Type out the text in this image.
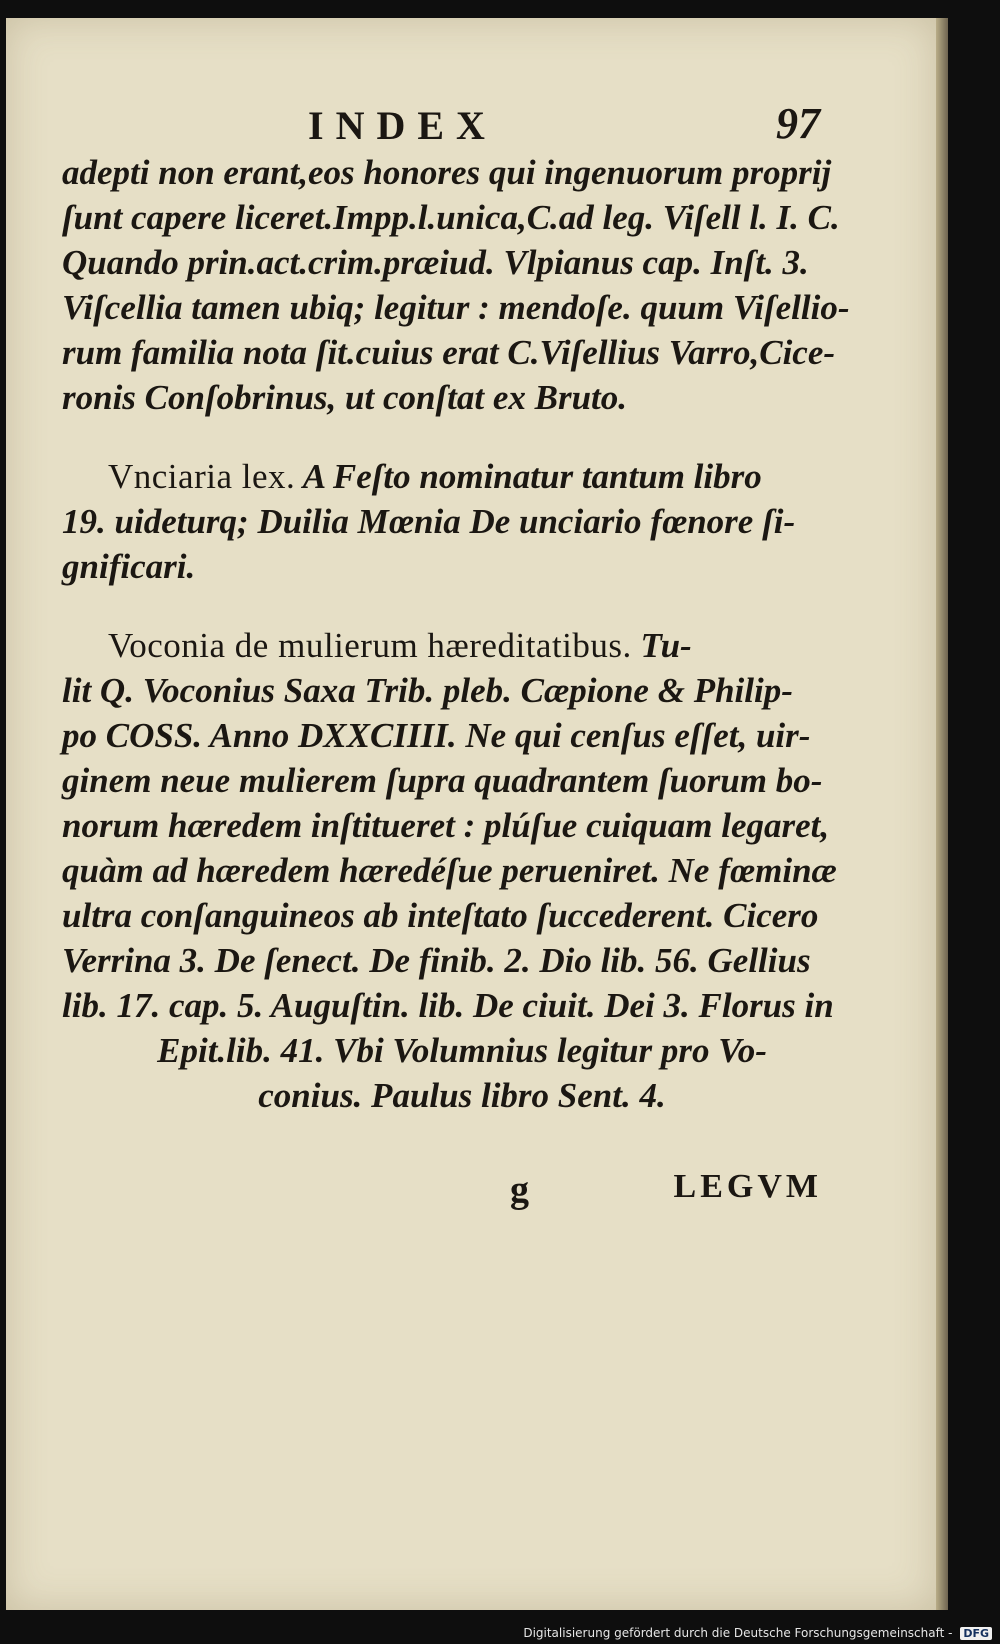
INDEX	97
adepti non erant,eos honores qui ingenuorum proprij
ſunt capere liceret.Impp.l.unica,C.ad leg. Viſell l. I. C.
Quando prin.act.crim.præiud. Vlpianus cap. Inſt. 3.
Viſcellia tamen ubiq; legitur : mendoſe. quum Viſellio-
rum familia nota ſit.cuius erat C.Viſellius Varro,Cice-
ronis Conſobrinus, ut conſtat ex Bruto.
Vnciaria lex. A Feſto nominatur tantum libro
19. uideturq; Duilia Mœnia De unciario fœnore ſi-
gnificari.
Voconia de mulierum hæreditatibus. Tu-
lit Q. Voconius Saxa Trib. pleb. Cæpione & Philip-
po COSS. Anno DXXCIIII. Ne qui cenſus eſſet, uir-
ginem neue mulierem ſupra quadrantem ſuorum bo-
norum hæredem inſtitueret : plúſue cuiquam legaret,
quàm ad hæredem hæredéſue perueniret. Ne fœminæ
ultra conſanguineos ab inteſtato ſuccederent. Cicero
Verrina 3. De ſenect. De finib. 2. Dio lib. 56. Gellius
lib. 17. cap. 5. Auguſtin. lib. De ciuit. Dei 3. Florus in
Epit.lib. 41. Vbi Volumnius legitur pro Vo-
conius. Paulus libro Sent. 4.
g	LEGVM
Digitalisierung gefördert durch die Deutsche Forschungsgemeinschaft - DFG
